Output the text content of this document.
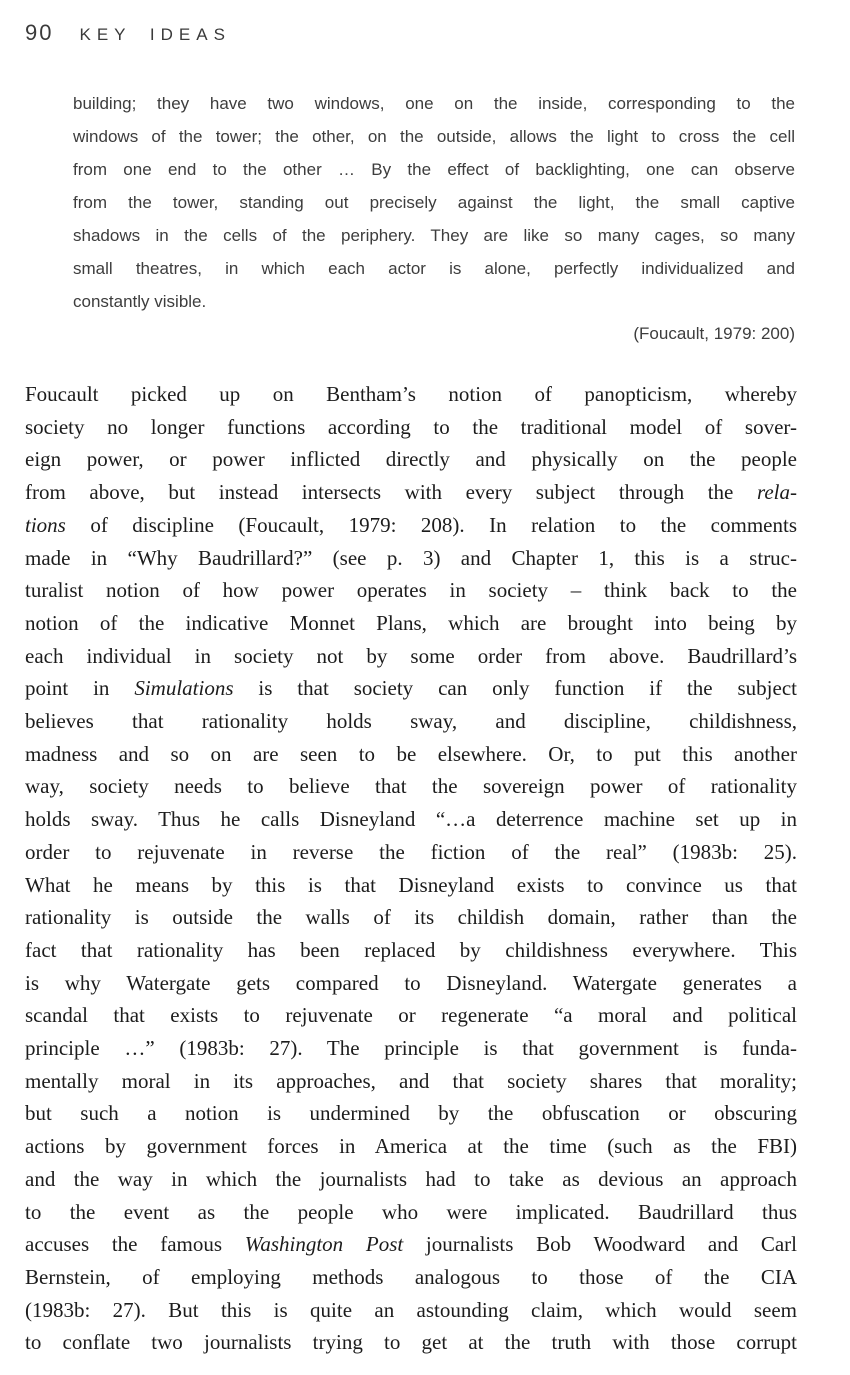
90 KEY IDEAS
building; they have two windows, one on the inside, corresponding to the
windows of the tower; the other, on the outside, allows the light to cross the cell
from one end to the other … By the effect of backlighting, one can observe
from the tower, standing out precisely against the light, the small captive
shadows in the cells of the periphery. They are like so many cages, so many
small theatres, in which each actor is alone, perfectly individualized and
constantly visible.
(Foucault, 1979: 200)
Foucault picked up on Bentham’s notion of panopticism, whereby
society no longer functions according to the traditional model of sover-
eign power, or power inflicted directly and physically on the people
from above, but instead intersects with every subject through the rela-
tions of discipline (Foucault, 1979: 208). In relation to the comments
made in “Why Baudrillard?” (see p. 3) and Chapter 1, this is a struc-
turalist notion of how power operates in society – think back to the
notion of the indicative Monnet Plans, which are brought into being by
each individual in society not by some order from above. Baudrillard’s
point in Simulations is that society can only function if the subject
believes that rationality holds sway, and discipline, childishness,
madness and so on are seen to be elsewhere. Or, to put this another
way, society needs to believe that the sovereign power of rationality
holds sway. Thus he calls Disneyland “…a deterrence machine set up in
order to rejuvenate in reverse the fiction of the real” (1983b: 25).
What he means by this is that Disneyland exists to convince us that
rationality is outside the walls of its childish domain, rather than the
fact that rationality has been replaced by childishness everywhere. This
is why Watergate gets compared to Disneyland. Watergate generates a
scandal that exists to rejuvenate or regenerate “a moral and political
principle …” (1983b: 27). The principle is that government is funda-
mentally moral in its approaches, and that society shares that morality;
but such a notion is undermined by the obfuscation or obscuring
actions by government forces in America at the time (such as the FBI)
and the way in which the journalists had to take as devious an approach
to the event as the people who were implicated. Baudrillard thus
accuses the famous Washington Post journalists Bob Woodward and Carl
Bernstein, of employing methods analogous to those of the CIA
(1983b: 27). But this is quite an astounding claim, which would seem
to conflate two journalists trying to get at the truth with those corrupt
